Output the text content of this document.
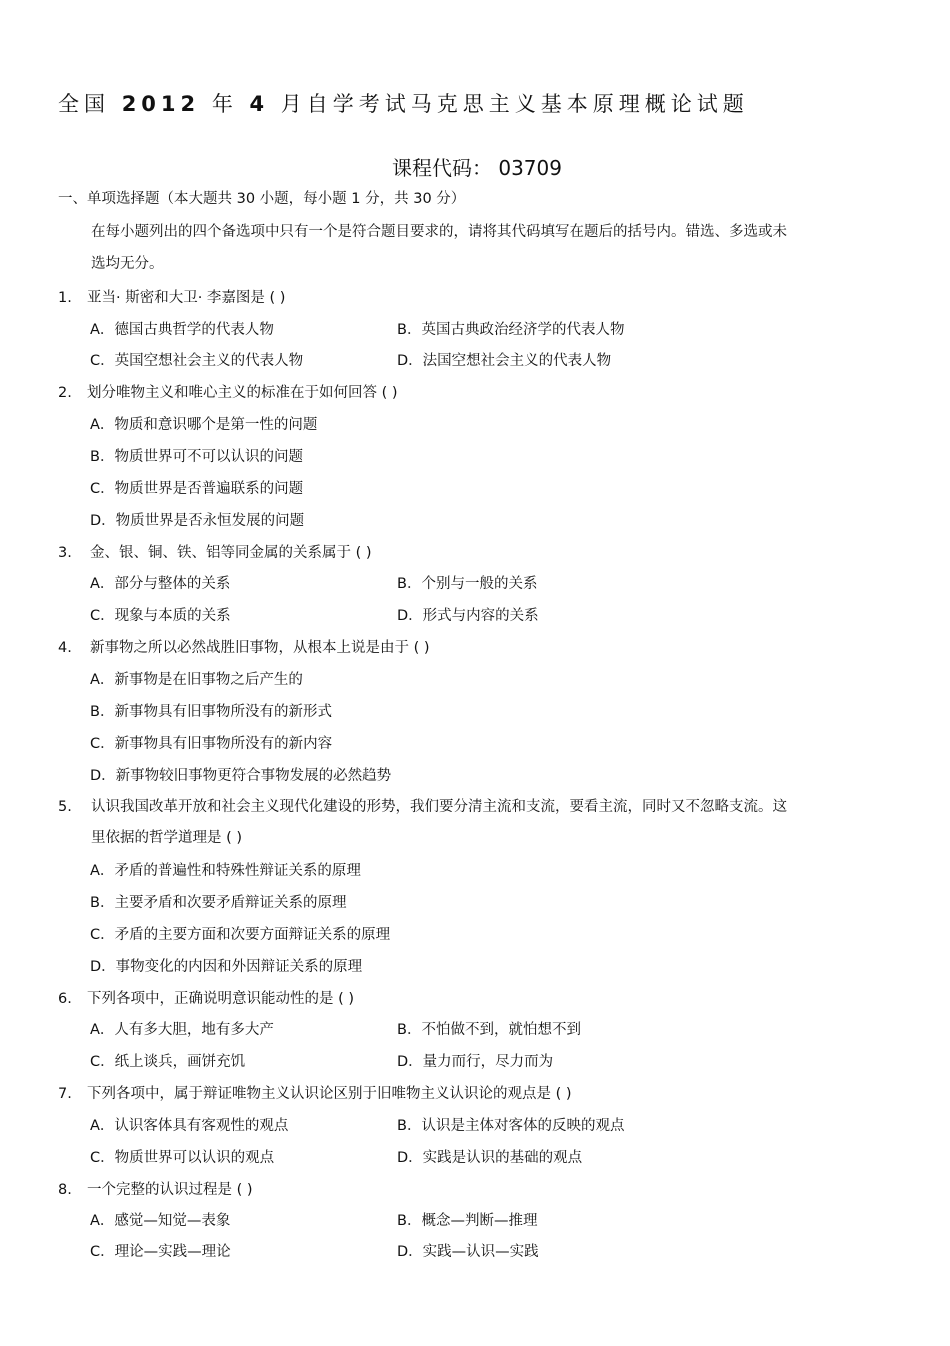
全国 2012 年 4 月自学考试马克思主义基本原理概论试题
课程代码： 03709
一、单项选择题（本大题共 30 小题，每小题 1 分，共 30 分）
在每小题列出的四个备选项中只有一个是符合题目要求的，请将其代码填写在题后的括号内。错选、多选或未
选均无分。
1. 亚当· 斯密和大卫· 李嘉图是 ( )
A．德国古典哲学的代表人物	B．英国古典政治经济学的代表人物
C．英国空想社会主义的代表人物	D．法国空想社会主义的代表人物
2. 划分唯物主义和唯心主义的标准在于如何回答 ( )
A．物质和意识哪个是第一性的问题
B．物质世界可不可以认识的问题
C．物质世界是否普遍联系的问题
D．物质世界是否永恒发展的问题
3. 金、银、铜、铁、铝等同金属的关系属于 ( )
A．部分与整体的关系	B．个别与一般的关系
C．现象与本质的关系	D．形式与内容的关系
4. 新事物之所以必然战胜旧事物，从根本上说是由于 ( )
A．新事物是在旧事物之后产生的
B．新事物具有旧事物所没有的新形式
C．新事物具有旧事物所没有的新内容
D．新事物较旧事物更符合事物发展的必然趋势
5. 认识我国改革开放和社会主义现代化建设的形势，我们要分清主流和支流，要看主流，同时又不忽略支流。这
里依据的哲学道理是 ( )
A．矛盾的普遍性和特殊性辩证关系的原理
B．主要矛盾和次要矛盾辩证关系的原理
C．矛盾的主要方面和次要方面辩证关系的原理
D．事物变化的内因和外因辩证关系的原理
6. 下列各项中，正确说明意识能动性的是 ( )
A．人有多大胆，地有多大产	B．不怕做不到，就怕想不到
C．纸上谈兵，画饼充饥	D．量力而行，尽力而为
7. 下列各项中，属于辩证唯物主义认识论区别于旧唯物主义认识论的观点是 ( )
A．认识客体具有客观性的观点	B．认识是主体对客体的反映的观点
C．物质世界可以认识的观点	D．实践是认识的基础的观点
8. 一个完整的认识过程是 ( )
A．感觉—知觉—表象	B．概念—判断—推理
C．理论—实践—理论	D．实践—认识—实践
